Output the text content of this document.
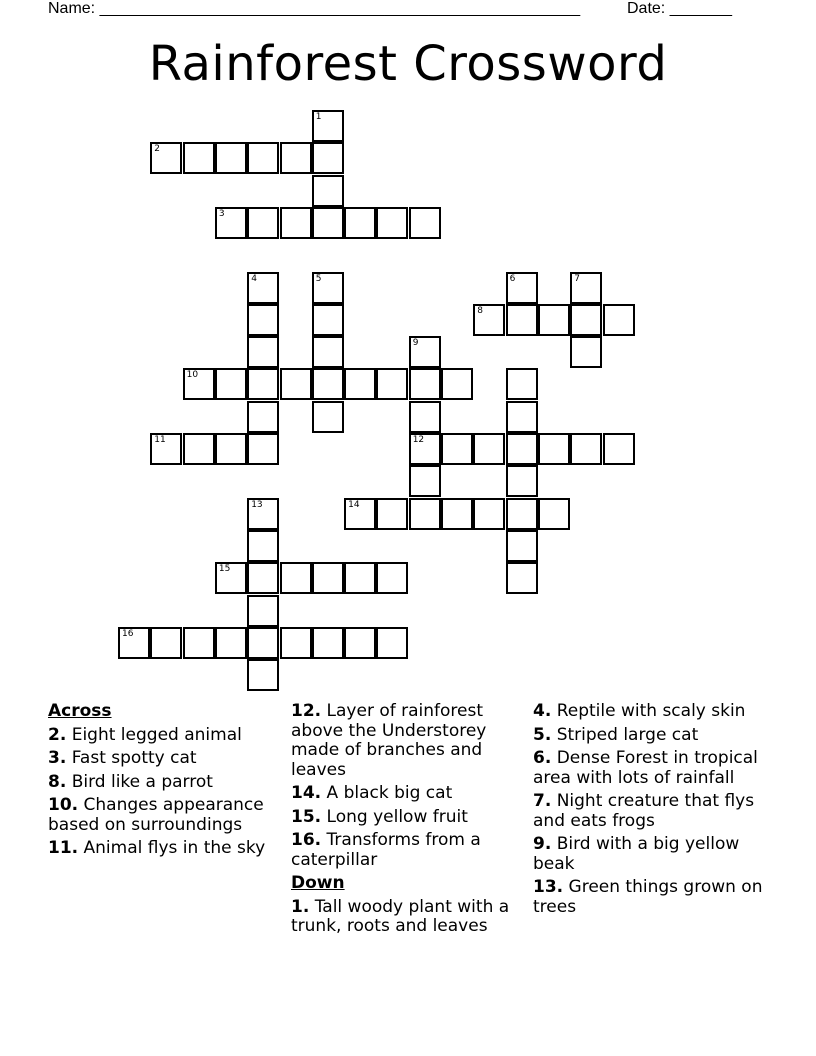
Name: ______________________________________________________	Date: _______
Rainforest Crossword
1
2
3
4	5	6	7
8
9
10
11	12
13	14
15
16
Across
2. Eight legged animal
3. Fast spotty cat
8. Bird like a parrot
10. Changes appearance based on surroundings
11. Animal flys in the sky
12. Layer of rainforest above the Understorey made of branches and leaves
14. A black big cat
15. Long yellow fruit
16. Transforms from a caterpillar
Down
1. Tall woody plant with a trunk, roots and leaves
4. Reptile with scaly skin
5. Striped large cat
6. Dense Forest in tropical area with lots of rainfall
7. Night creature that flys and eats frogs
9. Bird with a big yellow beak
13. Green things grown on trees
